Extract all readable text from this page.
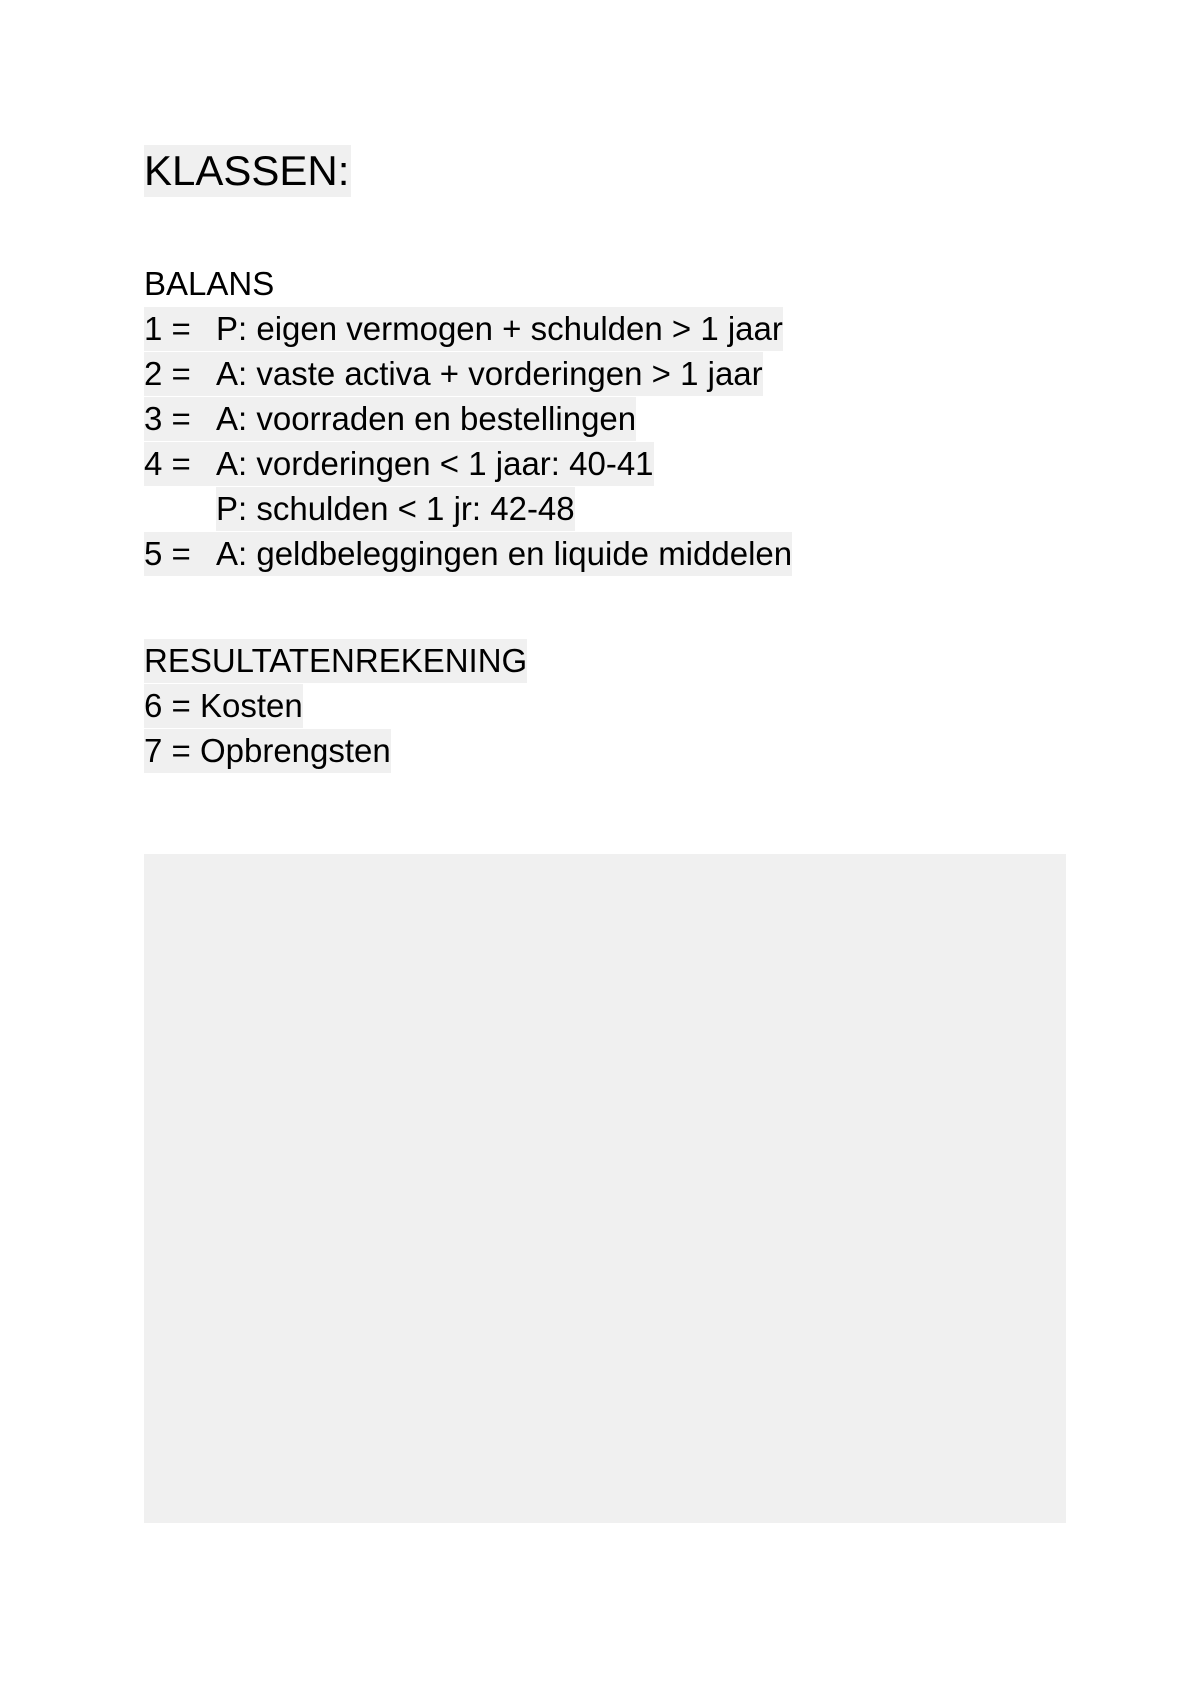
KLASSEN:
BALANS
1 = P: eigen vermogen + schulden > 1 jaar
2 = A: vaste activa + vorderingen > 1 jaar
3 = A: voorraden en bestellingen
4 = A: vorderingen < 1 jaar: 40-41
P: schulden < 1 jr: 42-48
5 = A: geldbeleggingen en liquide middelen
RESULTATENREKENING
6 = Kosten
7 = Opbrengsten
